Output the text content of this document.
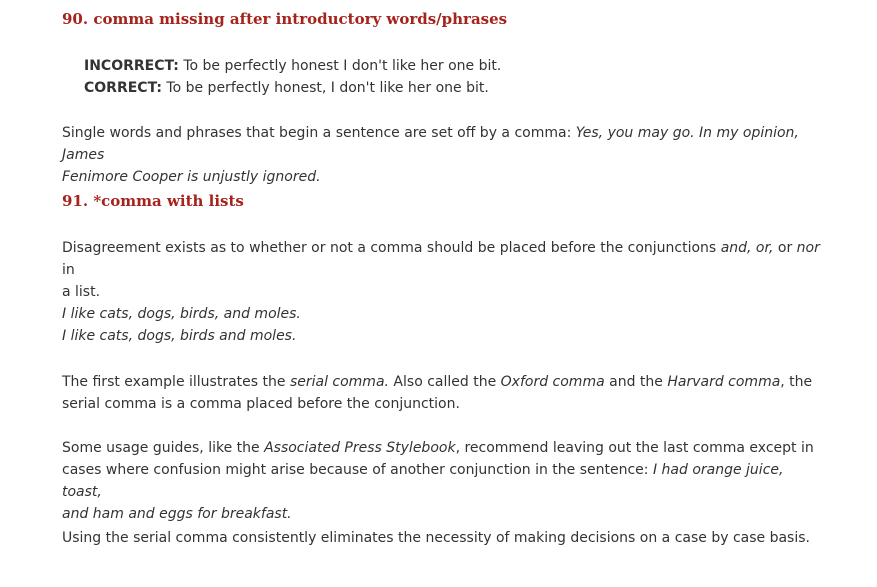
90. comma missing after introductory words/phrases

INCORRECT: To be perfectly honest I don't like her one bit.

CORRECT: To be perfectly honest, I don't like her one bit.

Single words and phrases that begin a sentence are set off by a comma: Yes, you may go. In my opinion, James
Fenimore Cooper is unjustly ignored.

91. *comma with lists

Disagreement exists as to whether or not a comma should be placed before the conjunctions and, or, or nor in
a list.

I like cats, dogs, birds, and moles.
I like cats, dogs, birds and moles.

The first example illustrates the serial comma. Also called the Oxford comma and the Harvard comma, the
serial comma is a comma placed before the conjunction.

Some usage guides, like the Associated Press Stylebook, recommend leaving out the last comma except in
cases where confusion might arise because of another conjunction in the sentence: I had orange juice, toast,
and ham and eggs for breakfast.

Using the serial comma consistently eliminates the necessity of making decisions on a case by case basis.
